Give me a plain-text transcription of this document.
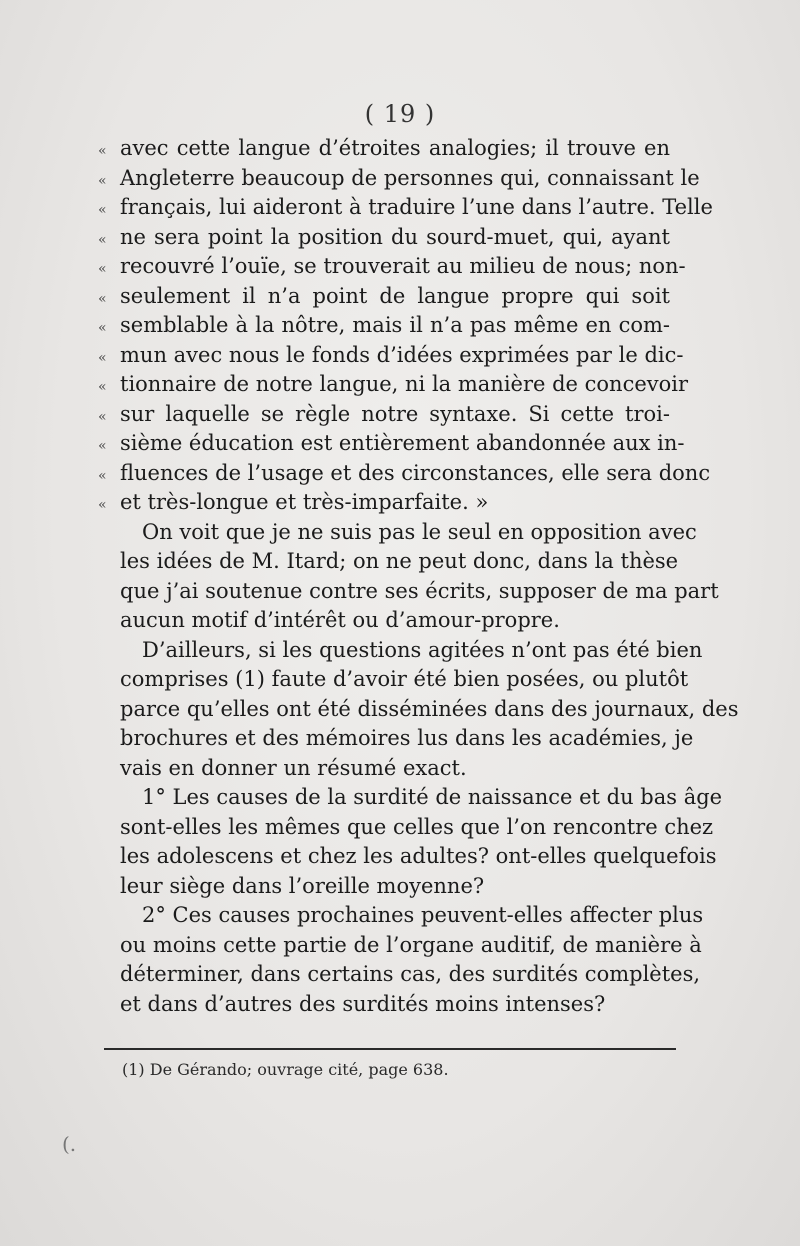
( 19 )
« avec cette langue d’étroites analogies; il trouve en
« Angleterre beaucoup de personnes qui, connaissant le
« français, lui aideront à traduire l’une dans l’autre. Telle
« ne sera point la position du sourd-muet, qui, ayant
« recouvré l’ouïe, se trouverait au milieu de nous; non-
« seulement il n’a point de langue propre qui soit
« semblable à la nôtre, mais il n’a pas même en com-
« mun avec nous le fonds d’idées exprimées par le dic-
« tionnaire de notre langue, ni la manière de concevoir
« sur laquelle se règle notre syntaxe. Si cette troi-
« sième éducation est entièrement abandonnée aux in-
« fluences de l’usage et des circonstances, elle sera donc
« et très-longue et très-imparfaite. »
On voit que je ne suis pas le seul en opposition avec
les idées de M. Itard; on ne peut donc, dans la thèse
que j’ai soutenue contre ses écrits, supposer de ma part
aucun motif d’intérêt ou d’amour-propre.
D’ailleurs, si les questions agitées n’ont pas été bien
comprises (1) faute d’avoir été bien posées, ou plutôt
parce qu’elles ont été disséminées dans des journaux, des
brochures et des mémoires lus dans les académies, je
vais en donner un résumé exact.
1° Les causes de la surdité de naissance et du bas âge
sont-elles les mêmes que celles que l’on rencontre chez
les adolescens et chez les adultes? ont-elles quelquefois
leur siège dans l’oreille moyenne?
2° Ces causes prochaines peuvent-elles affecter plus
ou moins cette partie de l’organe auditif, de manière à
déterminer, dans certains cas, des surdités complètes,
et dans d’autres des surdités moins intenses?
(1) De Gérando; ouvrage cité, page 638.
(.
